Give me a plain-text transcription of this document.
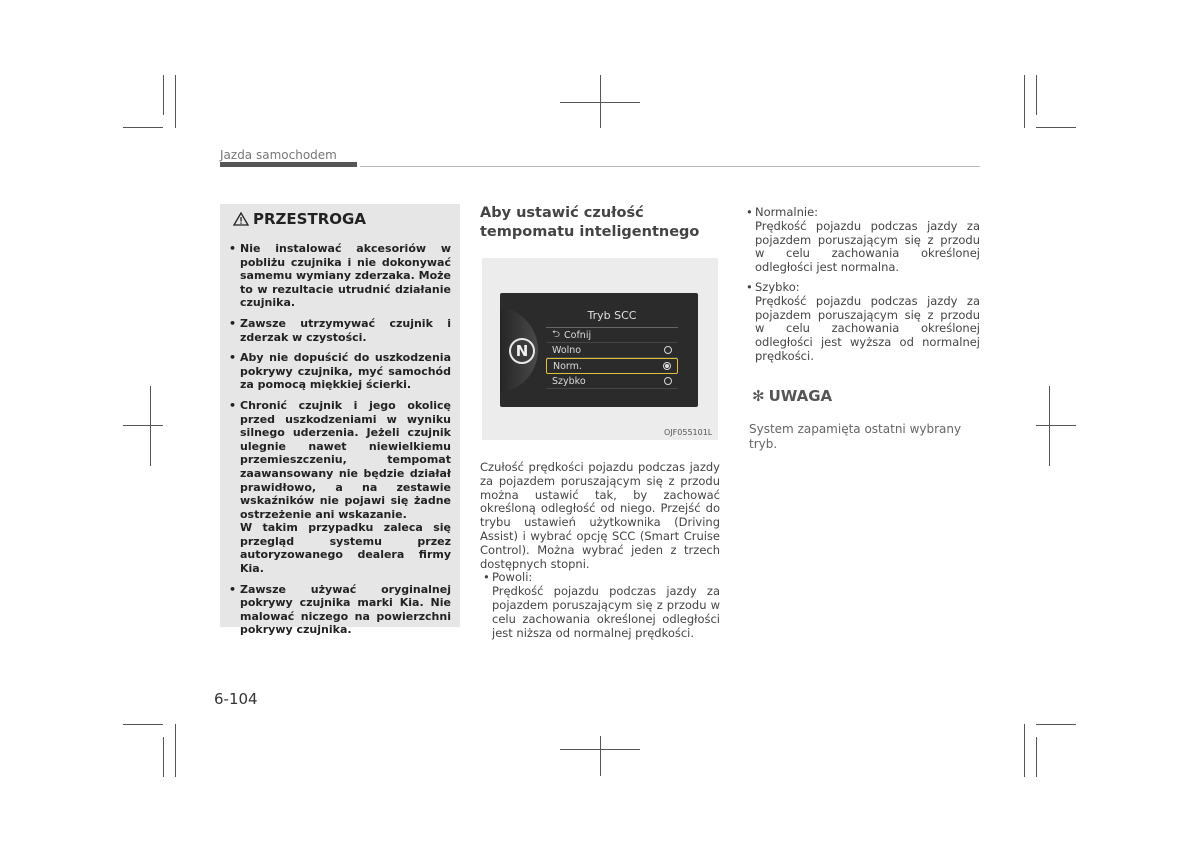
Jazda samochodem
PRZESTROGA
• Nie instalować akcesoriów w pobliżu czujnika i nie dokonywać samemu wymiany zderzaka. Może to w rezultacie utrudnić działanie czujnika.
• Zawsze utrzymywać czujnik i zderzak w czystości.
• Aby nie dopuścić do uszkodzenia pokrywy czujnika, myć samochód za pomocą miękkiej ścierki.
• Chronić czujnik i jego okolicę przed uszkodzeniami w wyniku silnego uderzenia. Jeżeli czujnik ulegnie nawet niewielkiemu przemieszczeniu, tempomat zaawansowany nie będzie działał prawidłowo, a na zestawie wskaźników nie pojawi się żadne ostrzeżenie ani wskazanie.
W takim przypadku zaleca się przegląd systemu przez autoryzowanego dealera firmy Kia.
• Zawsze używać oryginalnej pokrywy czujnika marki Kia. Nie malować niczego na powierzchni pokrywy czujnika.
Aby ustawić czułość tempomatu inteligentnego
N
Tryb SCC
⮌ Cofnij
Wolno
Norm.
Szybko
OJF055101L
Czułość prędkości pojazdu podczas jazdy za pojazdem poruszającym się z przodu można ustawić tak, by zachować określoną odległość od niego. Przejść do trybu ustawień użytkownika (Driving Assist) i wybrać opcję SCC (Smart Cruise Control). Można wybrać jeden z trzech dostępnych stopni.
• Powoli:
Prędkość pojazdu podczas jazdy za pojazdem poruszającym się z przodu w celu zachowania określonej odległości jest niższa od normalnej prędkości.
• Normalnie:
Prędkość pojazdu podczas jazdy za pojazdem poruszającym się z przodu w celu zachowania określonej odległości jest normalna.
• Szybko:
Prędkość pojazdu podczas jazdy za pojazdem poruszającym się z przodu w celu zachowania określonej odległości jest wyższa od normalnej prędkości.
✻ UWAGA
System zapamięta ostatni wybrany tryb.
6-104
